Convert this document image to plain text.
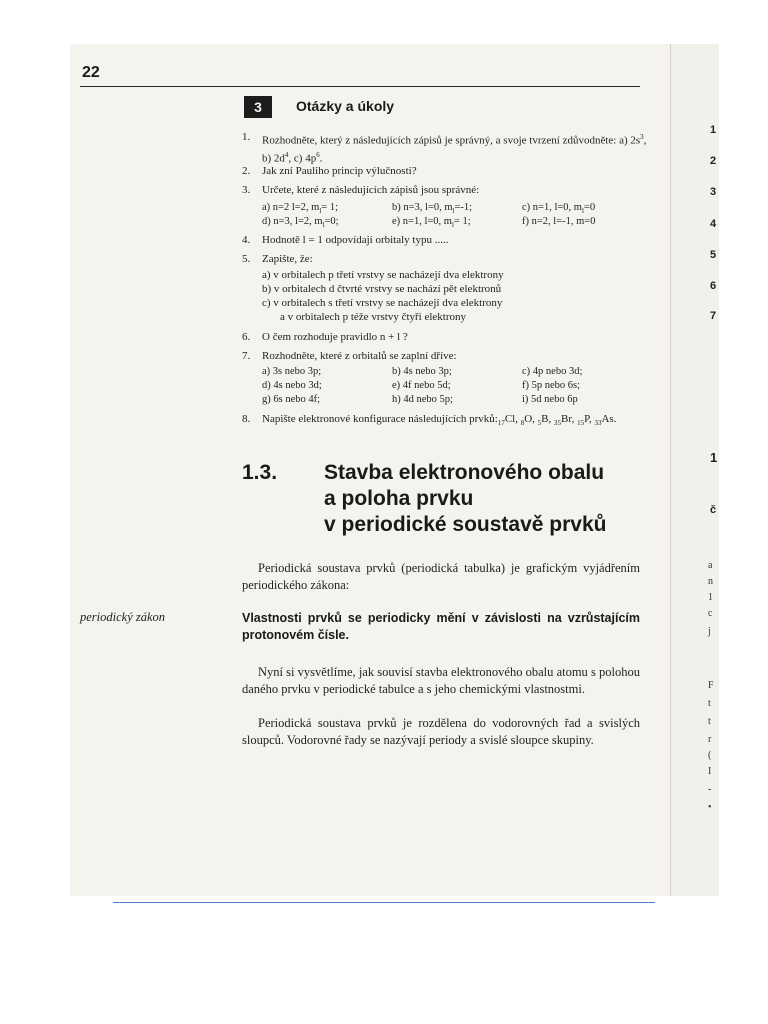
22
3	Otázky a úkoly
1.	Rozhodněte, který z následujících zápisů je správný, a svoje tvrzení zdůvodněte: a) $2s^3$, b) $2d^4$, c) $4p^6$.
2.	Jak zní Pauliho princip výlučnosti?
3.	Určete, které z následujících zápisů jsou správné:
a) n=2 l=2, $m_l= 1$;	b) n=3, l=0, $m_l=-1$;	c) n=1, l=0, $m_l=0$
d) n=3, l=2, $m_l=0$;	e) n=1, l=0, $m_l= 1$;	f) n=2, l=-1, m=0
4.	Hodnotě l = 1 odpovídají orbitaly typu .....
5.	Zapište, že:
a) v orbitalech p třetí vrstvy se nacházejí dva elektrony
b) v orbitalech d čtvrté vrstvy se nachází pět elektronů
c) v orbitalech s třetí vrstvy se nacházejí dva elektrony
a v orbitalech p téže vrstvy čtyři elektrony
6.	O čem rozhoduje pravidlo n + l ?
7.	Rozhodněte, které z orbitalů se zaplní dříve:
a) 3s nebo 3p;	b) 4s nebo 3p;	c) 4p nebo 3d;
d) 4s nebo 3d;	e) 4f nebo 5d;	f) 5p nebo 6s;
g) 6s nebo 4f;	h) 4d nebo 5p;	i) 5d nebo 6p
8.	Napište elektronové konfigurace následujících $prvků:_{17}Cl$, $_8$O, $_5$B, $_{35}$Br, $_{15}$P, $_{33}$As.
1.3. Stavba elektronového obalu
a poloha prvku
v periodické soustavě prvků
Periodická soustava prvků (periodická tabulka) je grafickým vyjádřením periodického zákona:
periodický zákon	Vlastnosti prvků se periodicky mění v závislosti na vzrůstajícím protonovém čísle.
Nyní si vysvětlíme, jak souvisí stavba elektronového obalu atomu s polohou daného prvku v periodické tabulce a s jeho chemickými vlastnostmi.
Periodická soustava prvků je rozdělena do vodorovných řad a svislých sloupců. Vodorovné řady se nazývají periody a svislé sloupce skupiny.
1
2
3
4
5
6
7
1
č
a
n
1
c
j
F
t
t
r
(
I
-
•
